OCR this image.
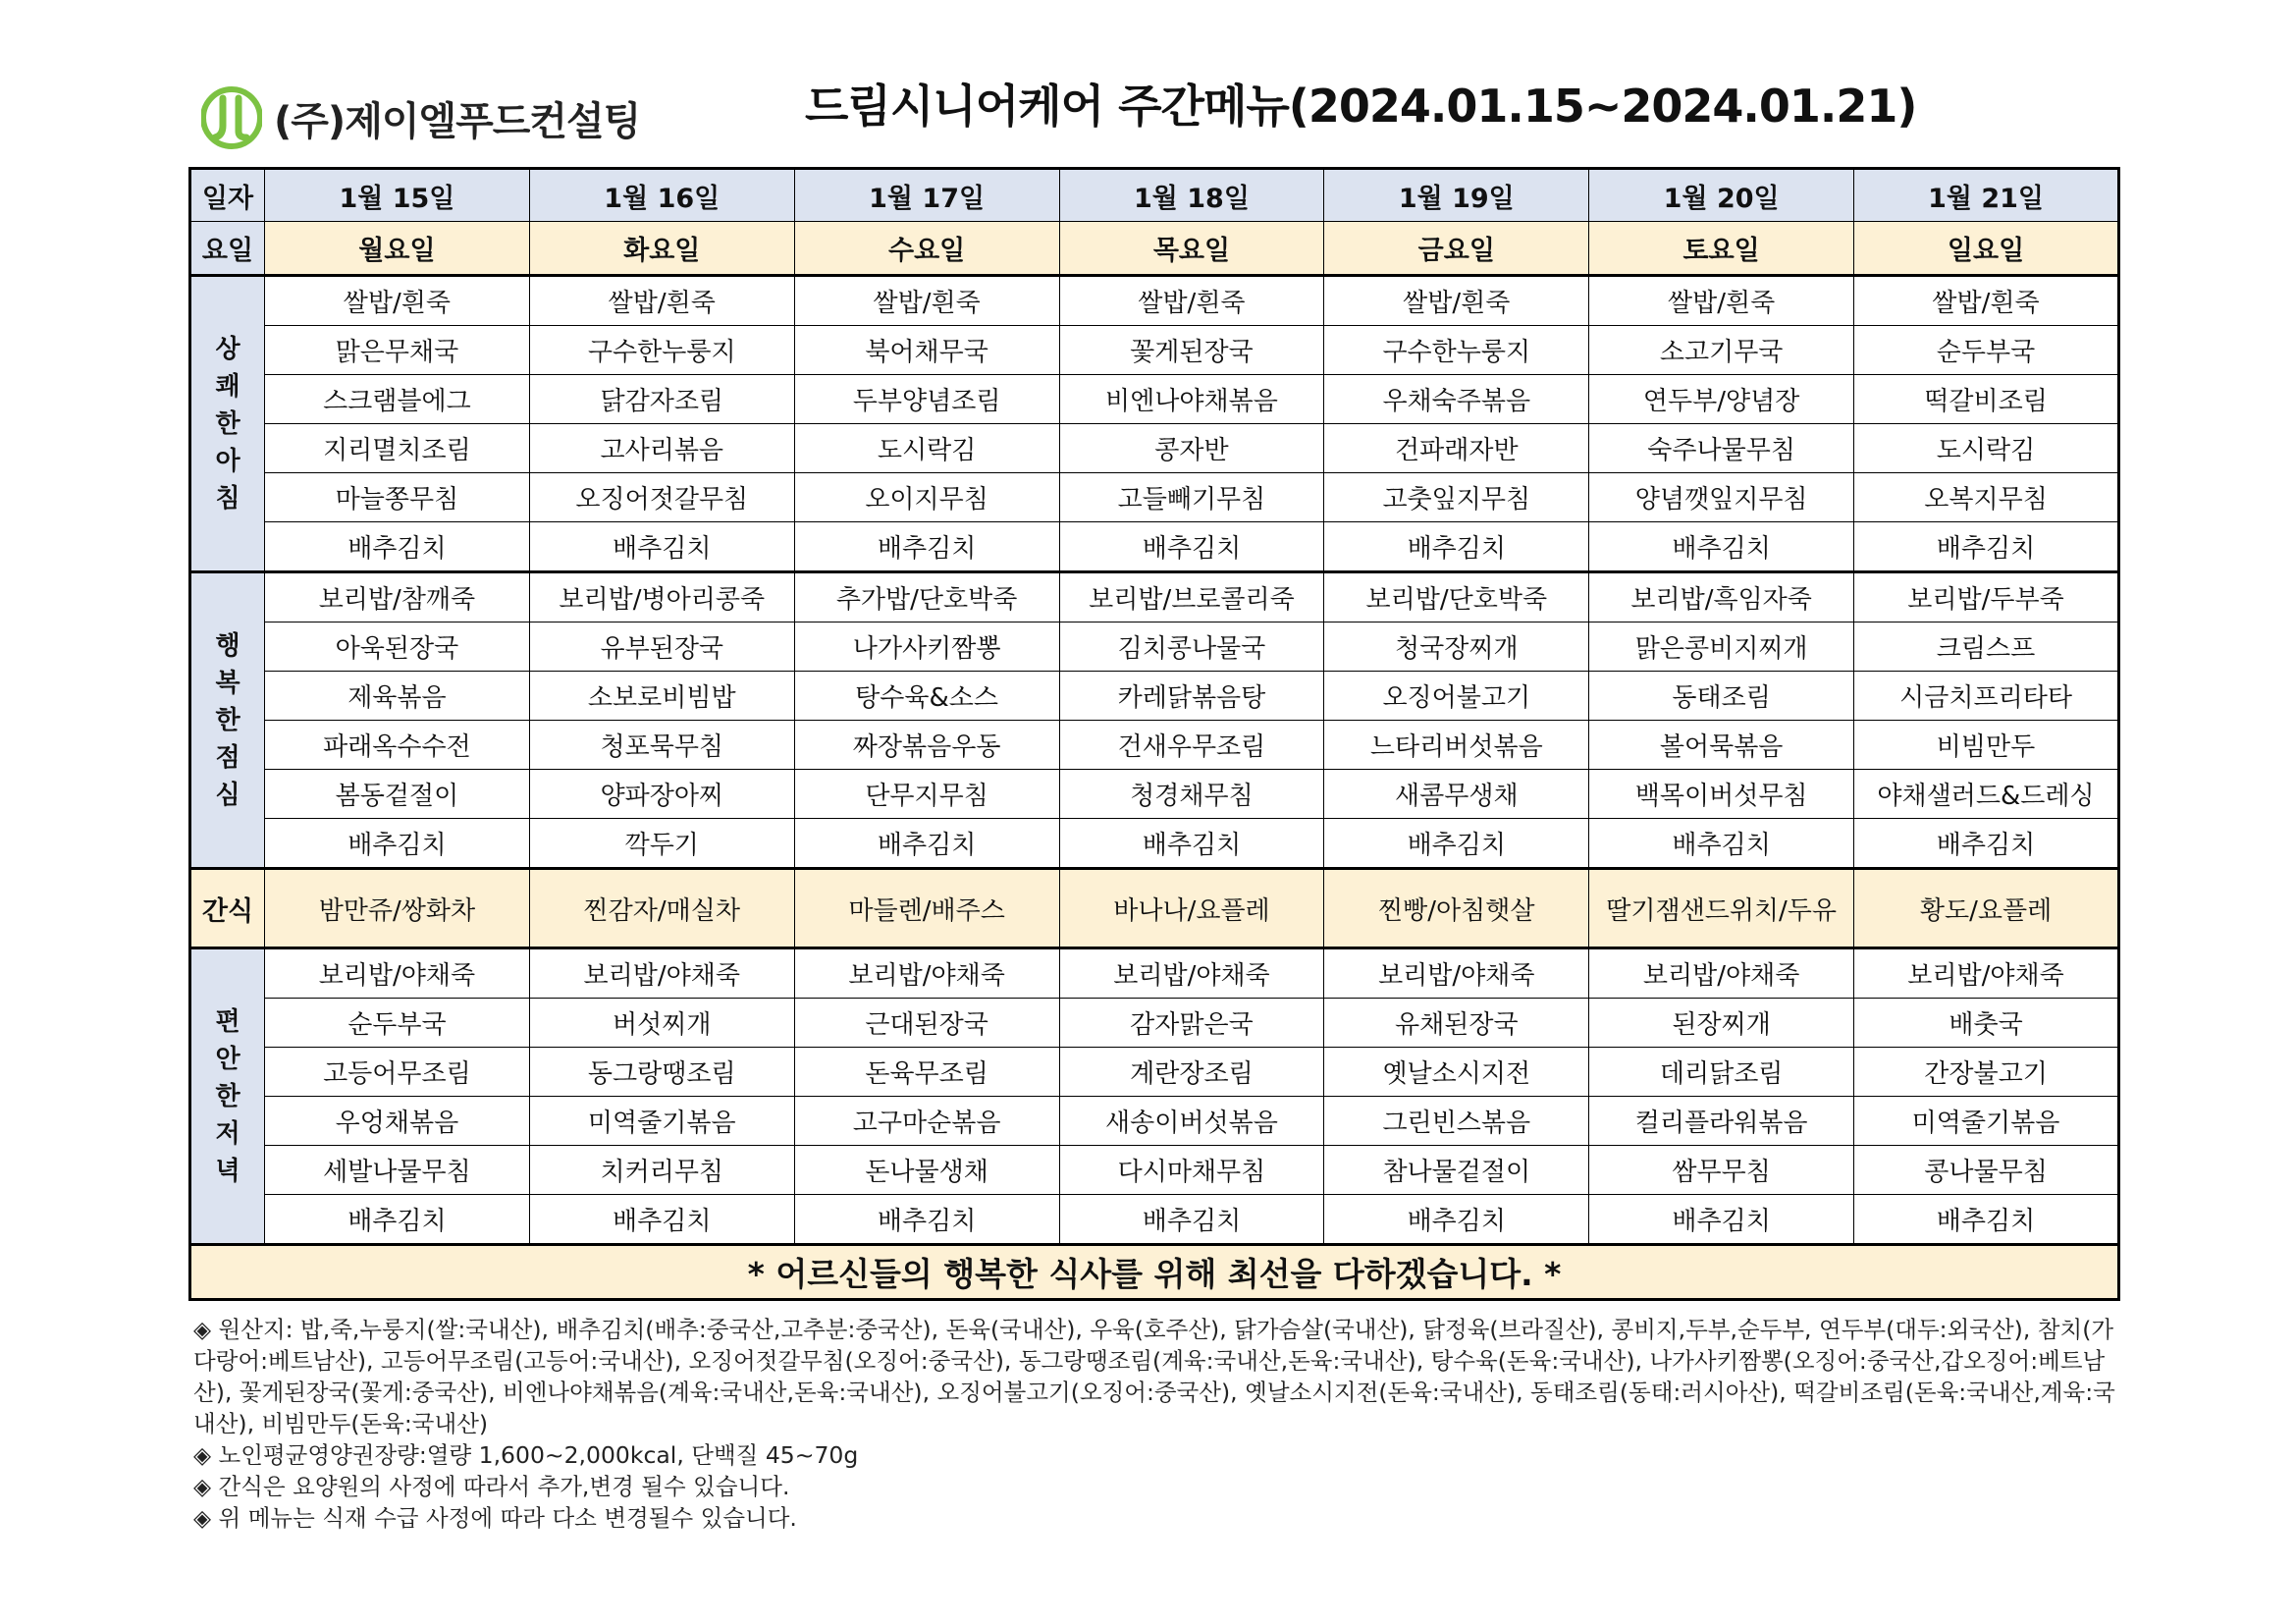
(주)제이엘푸드컨설팅	드림시니어케어 주간메뉴(2024.01.15~2024.01.21)
일자	1월 15일	1월 16일	1월 17일	1월 18일	1월 19일	1월 20일	1월 21일
요일	월요일	화요일	수요일	목요일	금요일	토요일	일요일
상
쾌
한
아
침	쌀밥/흰죽	쌀밥/흰죽	쌀밥/흰죽	쌀밥/흰죽	쌀밥/흰죽	쌀밥/흰죽	쌀밥/흰죽
	맑은무채국	구수한누룽지	북어채무국	꽃게된장국	구수한누룽지	소고기무국	순두부국
	스크램블에그	닭감자조림	두부양념조림	비엔나야채볶음	우채숙주볶음	연두부/양념장	떡갈비조림
	지리멸치조림	고사리볶음	도시락김	콩자반	건파래자반	숙주나물무침	도시락김
	마늘쫑무침	오징어젓갈무침	오이지무침	고들빼기무침	고춧잎지무침	양념깻잎지무침	오복지무침
	배추김치	배추김치	배추김치	배추김치	배추김치	배추김치	배추김치
행
복
한
점
심	보리밥/참깨죽	보리밥/병아리콩죽	추가밥/단호박죽	보리밥/브로콜리죽	보리밥/단호박죽	보리밥/흑임자죽	보리밥/두부죽
	아욱된장국	유부된장국	나가사키짬뽕	김치콩나물국	청국장찌개	맑은콩비지찌개	크림스프
	제육볶음	소보로비빔밥	탕수육&소스	카레닭볶음탕	오징어불고기	동태조림	시금치프리타타
	파래옥수수전	청포묵무침	짜장볶음우동	건새우무조림	느타리버섯볶음	볼어묵볶음	비빔만두
	봄동겉절이	양파장아찌	단무지무침	청경채무침	새콤무생채	백목이버섯무침	야채샐러드&드레싱
	배추김치	깍두기	배추김치	배추김치	배추김치	배추김치	배추김치
간식	밤만쥬/쌍화차	찐감자/매실차	마들렌/배주스	바나나/요플레	찐빵/아침햇살	딸기잼샌드위치/두유	황도/요플레
편
안
한
저
녁	보리밥/야채죽	보리밥/야채죽	보리밥/야채죽	보리밥/야채죽	보리밥/야채죽	보리밥/야채죽	보리밥/야채죽
	순두부국	버섯찌개	근대된장국	감자맑은국	유채된장국	된장찌개	배춧국
	고등어무조림	동그랑땡조림	돈육무조림	계란장조림	옛날소시지전	데리닭조림	간장불고기
	우엉채볶음	미역줄기볶음	고구마순볶음	새송이버섯볶음	그린빈스볶음	컬리플라워볶음	미역줄기볶음
	세발나물무침	치커리무침	돈나물생채	다시마채무침	참나물겉절이	쌈무무침	콩나물무침
	배추김치	배추김치	배추김치	배추김치	배추김치	배추김치	배추김치
* 어르신들의 행복한 식사를 위해 최선을 다하겠습니다. *							

◈ 원산지: 밥,죽,누룽지(쌀:국내산), 배추김치(배추:중국산,고추분:중국산), 돈육(국내산), 우육(호주산), 닭가슴살(국내산), 닭정육(브라질산), 콩비지,두부,순두부, 연두부(대두:외국산), 참치(가다랑어:베트남산), 고등어무조림(고등어:국내산), 오징어젓갈무침(오징어:중국산), 동그랑땡조림(계육:국내산,돈육:국내산), 탕수육(돈육:국내산), 나가사키짬뽕(오징어:중국산,갑오징어:베트남산), 꽃게된장국(꽃게:중국산), 비엔나야채볶음(계육:국내산,돈육:국내산), 오징어불고기(오징어:중국산), 옛날소시지전(돈육:국내산), 동태조림(동태:러시아산), 떡갈비조림(돈육:국내산,계육:국내산), 비빔만두(돈육:국내산)

◈ 노인평균영양권장량:열량 1,600~2,000kcal, 단백질 45~70g

◈ 간식은 요양원의 사정에 따라서 추가,변경 될수 있습니다.

◈ 위 메뉴는 식재 수급 사정에 따라 다소 변경될수 있습니다.
